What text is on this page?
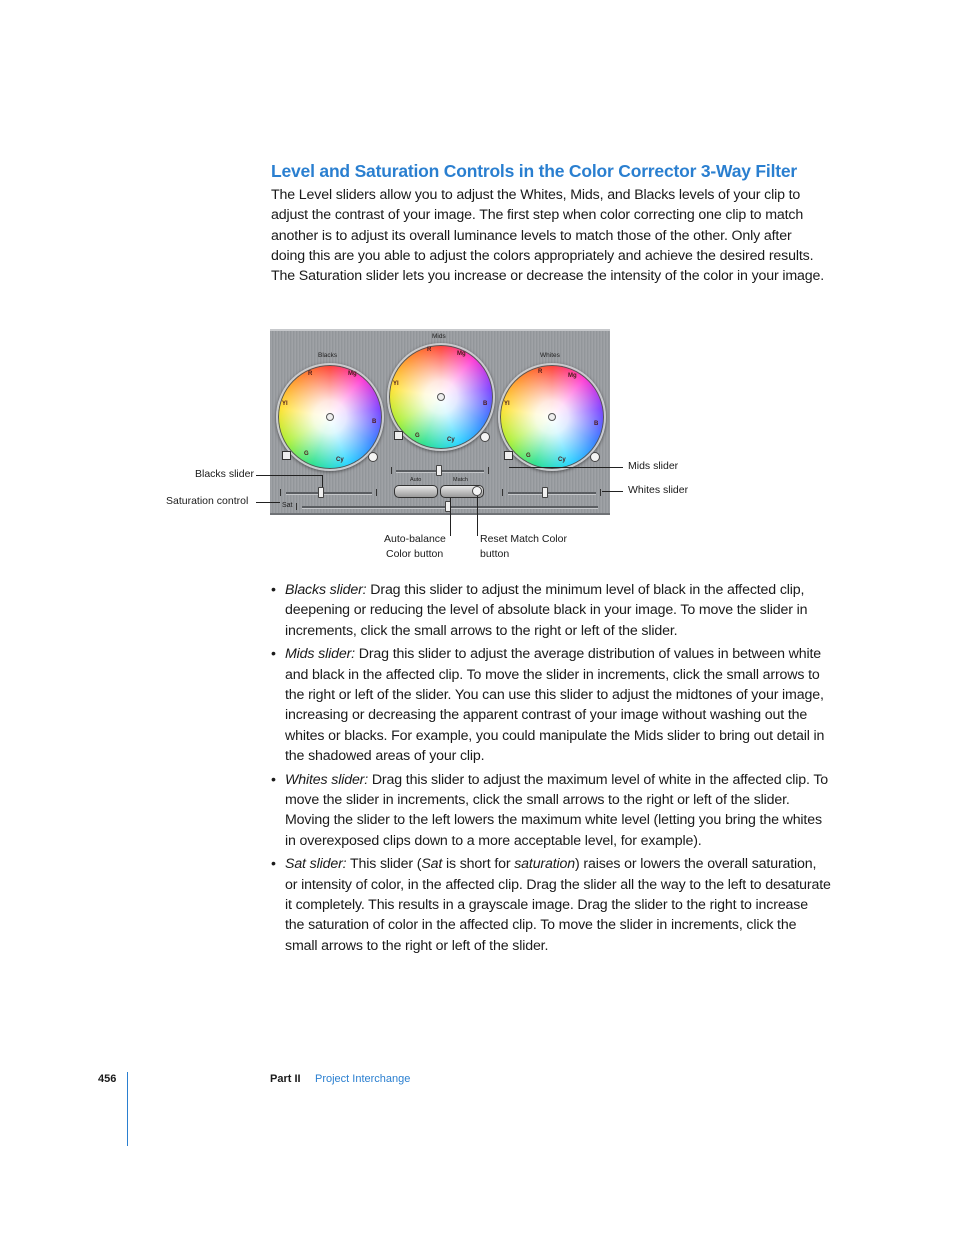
Level and Saturation Controls in the Color Corrector 3-Way Filter
The Level sliders allow you to adjust the Whites, Mids, and Blacks levels of your clip to adjust the contrast of your image. The first step when color correcting one clip to match another is to adjust its overall luminance levels to match those of the other. Only after doing this are you able to adjust the colors appropriately and achieve the desired results. The Saturation slider lets you increase or decrease the intensity of the color in your image.
Blacks
R	Mg
Yl
B
G
Cy
Mids
R
Mg
Yl
B
G
Cy
Whites
R
Mg
Yl
B
G
Cy
Auto	Match
Sat
Blacks slider
Saturation control
Mids slider
Whites slider
Auto-balance
Color button
Reset Match Color
button
• Blacks slider: Drag this slider to adjust the minimum level of black in the affected clip, deepening or reducing the level of absolute black in your image. To move the slider in increments, click the small arrows to the right or left of the slider.
• Mids slider: Drag this slider to adjust the average distribution of values in between white and black in the affected clip. To move the slider in increments, click the small arrows to the right or left of the slider. You can use this slider to adjust the midtones of your image, increasing or decreasing the apparent contrast of your image without washing out the whites or blacks. For example, you could manipulate the Mids slider to bring out detail in the shadowed areas of your clip.
• Whites slider: Drag this slider to adjust the maximum level of white in the affected clip. To move the slider in increments, click the small arrows to the right or left of the slider. Moving the slider to the left lowers the maximum white level (letting you bring the whites in overexposed clips down to a more acceptable level, for example).
• Sat slider: This slider (Sat is short for saturation) raises or lowers the overall saturation, or intensity of color, in the affected clip. Drag the slider all the way to the left to desaturate it completely. This results in a grayscale image. Drag the slider to the right to increase the saturation of color in the affected clip. To move the slider in increments, click the small arrows to the right or left of the slider.
456	Part II Project Interchange
